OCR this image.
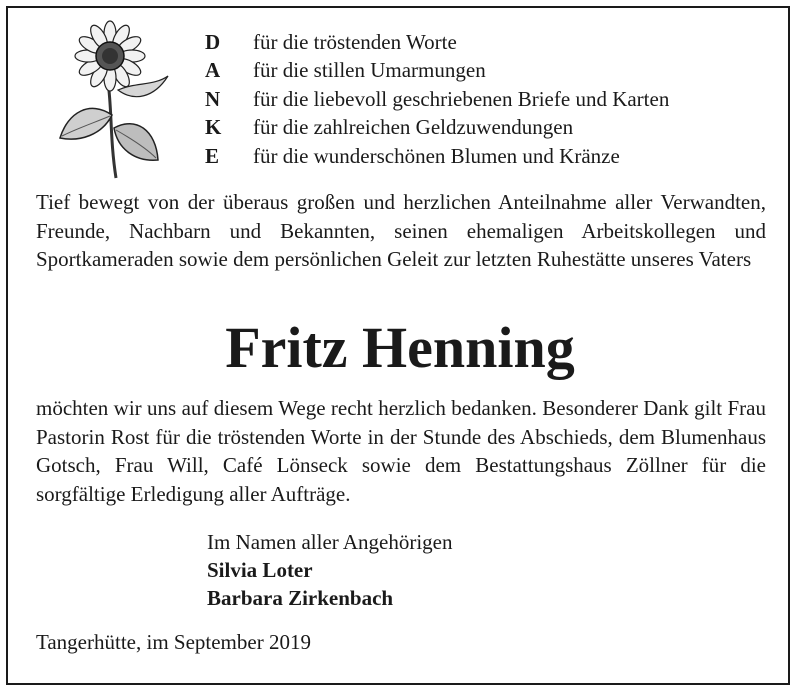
D	für die tröstenden Worte
A	für die stillen Umarmungen
N	für die liebevoll geschriebenen Briefe und Karten
K	für die zahlreichen Geldzuwendungen
E	für die wunderschönen Blumen und Kränze

Tief bewegt von der überaus großen und herzlichen Anteilnahme aller Verwandten, Freunde, Nachbarn und Bekannten, seinen ehemaligen Arbeitskollegen und Sportkameraden sowie dem persönlichen Geleit zur letzten Ruhestätte unseres Vaters

Fritz Henning

möchten wir uns auf diesem Wege recht herzlich bedanken. Besonderer Dank gilt Frau Pastorin Rost für die tröstenden Worte in der Stunde des Abschieds, dem Blumenhaus Gotsch, Frau Will, Café Lönseck sowie dem Bestattungshaus Zöllner für die sorgfältige Erledigung aller Aufträge.

Im Namen aller Angehörigen
Silvia Loter
Barbara Zirkenbach
Tangerhütte, im September 2019
